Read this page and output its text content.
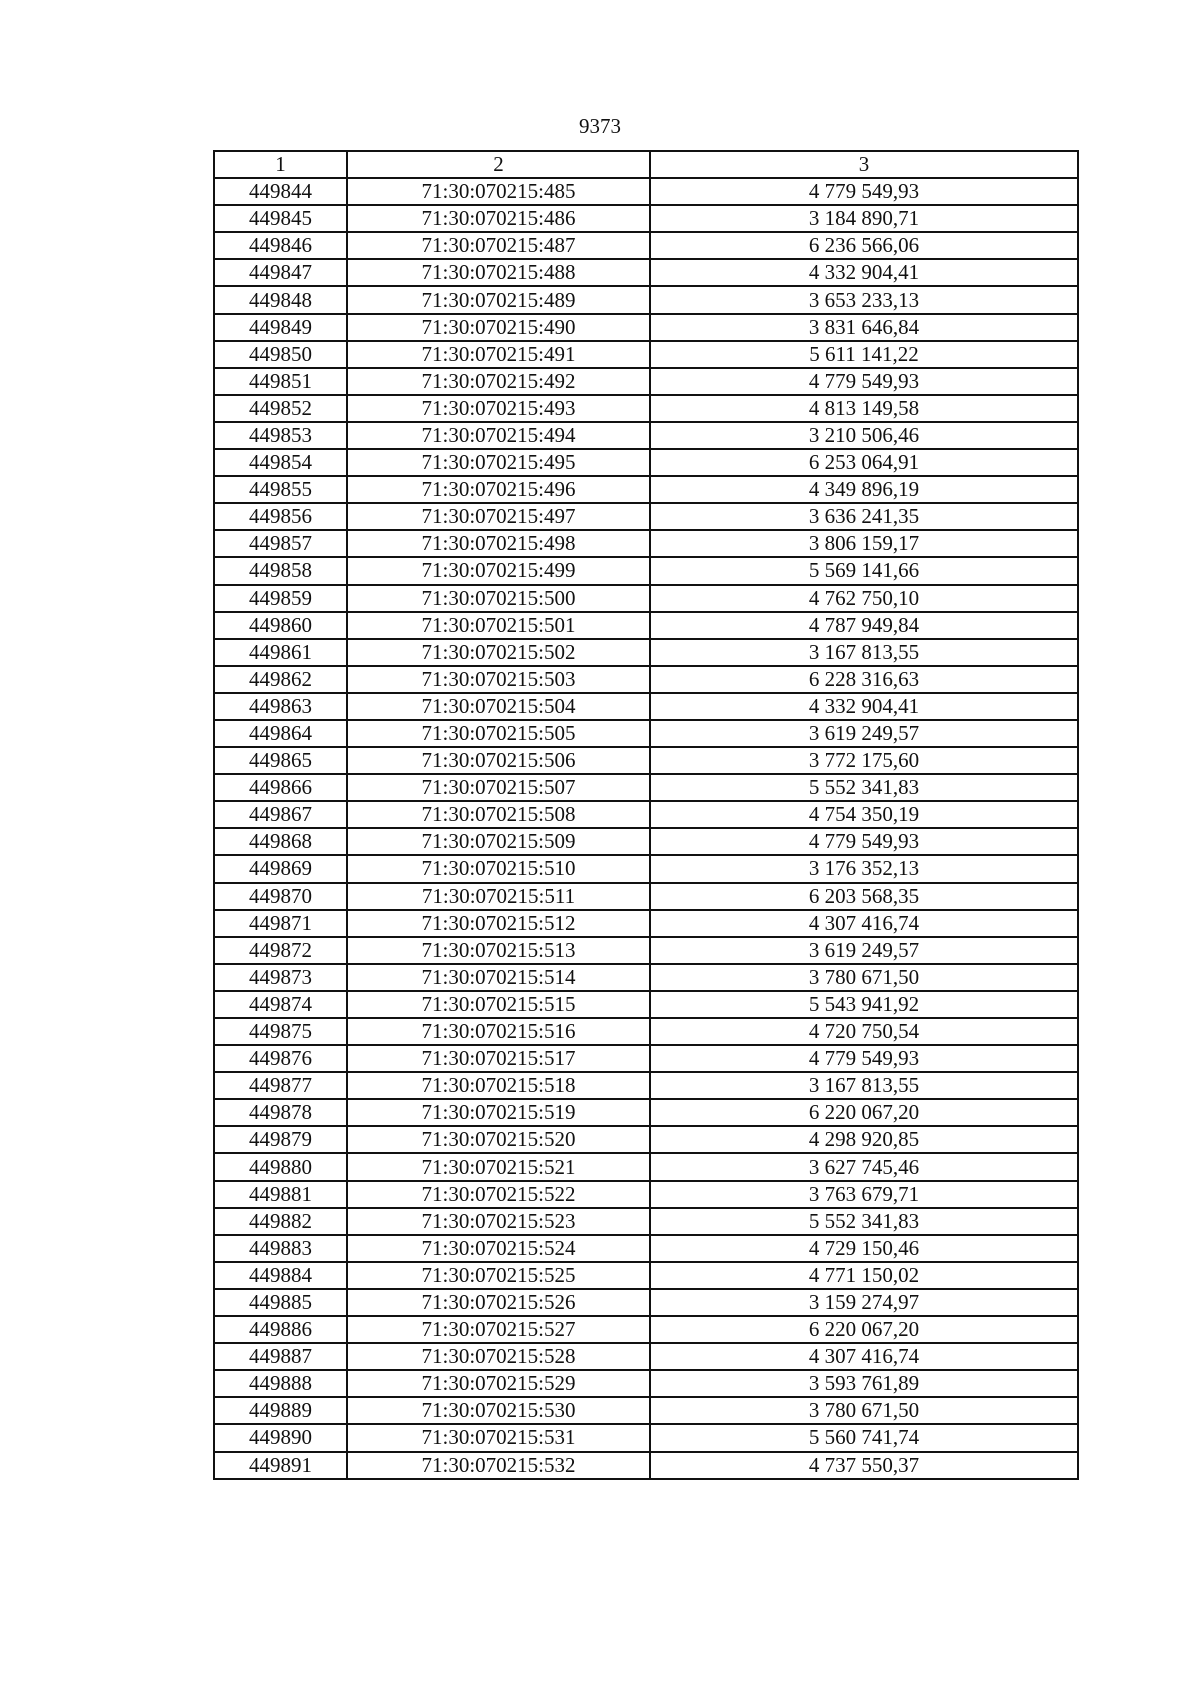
9373
1	2	3
449844	71:30:070215:485	4 779 549,93
449845	71:30:070215:486	3 184 890,71
449846	71:30:070215:487	6 236 566,06
449847	71:30:070215:488	4 332 904,41
449848	71:30:070215:489	3 653 233,13
449849	71:30:070215:490	3 831 646,84
449850	71:30:070215:491	5 611 141,22
449851	71:30:070215:492	4 779 549,93
449852	71:30:070215:493	4 813 149,58
449853	71:30:070215:494	3 210 506,46
449854	71:30:070215:495	6 253 064,91
449855	71:30:070215:496	4 349 896,19
449856	71:30:070215:497	3 636 241,35
449857	71:30:070215:498	3 806 159,17
449858	71:30:070215:499	5 569 141,66
449859	71:30:070215:500	4 762 750,10
449860	71:30:070215:501	4 787 949,84
449861	71:30:070215:502	3 167 813,55
449862	71:30:070215:503	6 228 316,63
449863	71:30:070215:504	4 332 904,41
449864	71:30:070215:505	3 619 249,57
449865	71:30:070215:506	3 772 175,60
449866	71:30:070215:507	5 552 341,83
449867	71:30:070215:508	4 754 350,19
449868	71:30:070215:509	4 779 549,93
449869	71:30:070215:510	3 176 352,13
449870	71:30:070215:511	6 203 568,35
449871	71:30:070215:512	4 307 416,74
449872	71:30:070215:513	3 619 249,57
449873	71:30:070215:514	3 780 671,50
449874	71:30:070215:515	5 543 941,92
449875	71:30:070215:516	4 720 750,54
449876	71:30:070215:517	4 779 549,93
449877	71:30:070215:518	3 167 813,55
449878	71:30:070215:519	6 220 067,20
449879	71:30:070215:520	4 298 920,85
449880	71:30:070215:521	3 627 745,46
449881	71:30:070215:522	3 763 679,71
449882	71:30:070215:523	5 552 341,83
449883	71:30:070215:524	4 729 150,46
449884	71:30:070215:525	4 771 150,02
449885	71:30:070215:526	3 159 274,97
449886	71:30:070215:527	6 220 067,20
449887	71:30:070215:528	4 307 416,74
449888	71:30:070215:529	3 593 761,89
449889	71:30:070215:530	3 780 671,50
449890	71:30:070215:531	5 560 741,74
449891	71:30:070215:532	4 737 550,37
